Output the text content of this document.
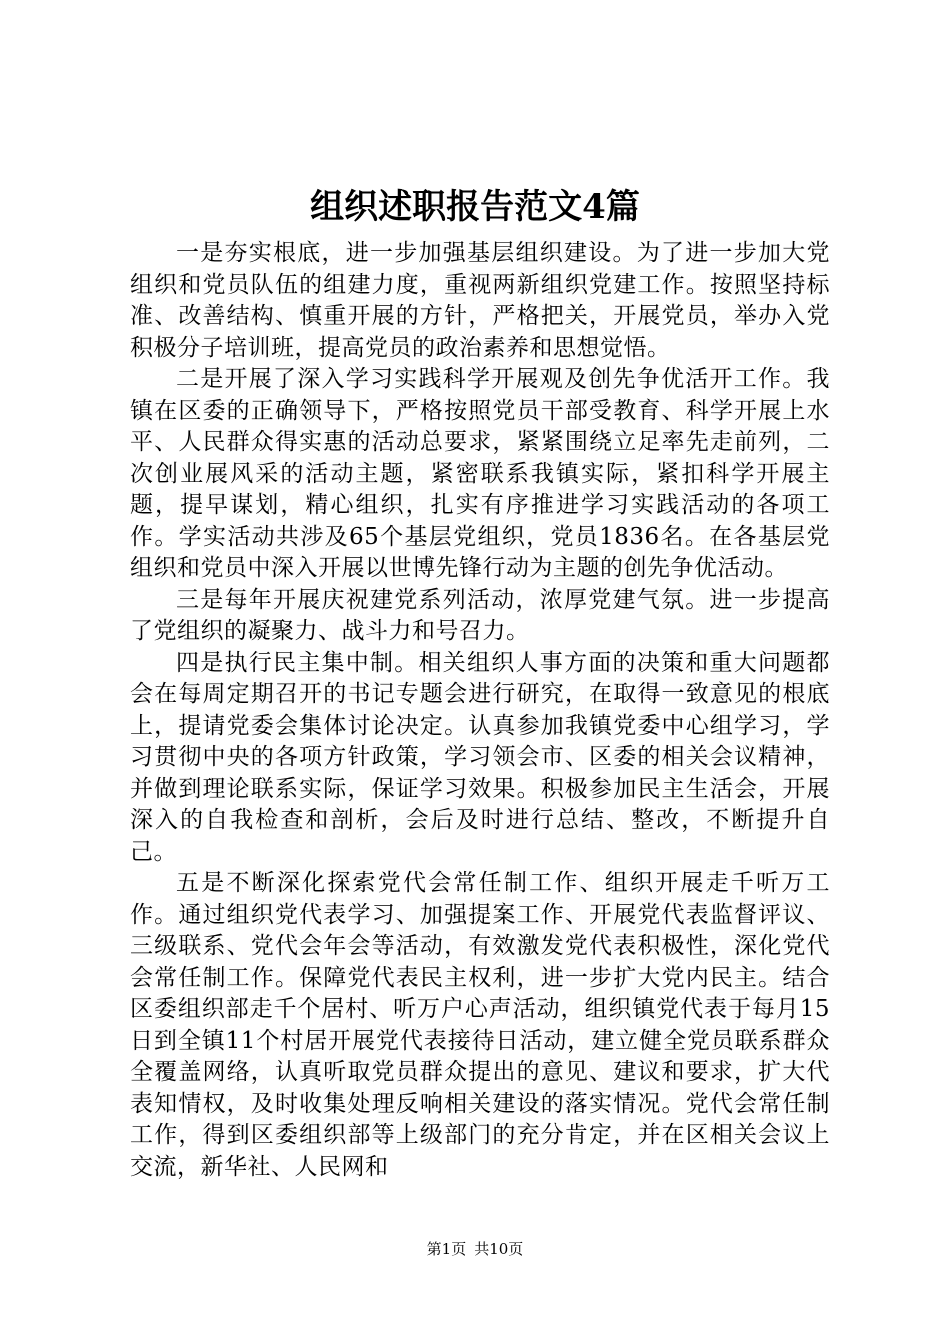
组织述职报告范文4篇

一是夯实根底，进一步加强基层组织建设。为了进一步加大党组织和党员队伍的组建力度，重视两新组织党建工作。按照坚持标准、改善结构、慎重开展的方针，严格把关，开展党员，举办入党积极分子培训班，提高党员的政治素养和思想觉悟。

二是开展了深入学习实践科学开展观及创先争优活开工作。我镇在区委的正确领导下，严格按照党员干部受教育、科学开展上水平、人民群众得实惠的活动总要求，紧紧围绕立足率先走前列，二次创业展风采的活动主题，紧密联系我镇实际，紧扣科学开展主题，提早谋划，精心组织，扎实有序推进学习实践活动的各项工作。学实活动共涉及65个基层党组织，党员1836名。在各基层党组织和党员中深入开展以世博先锋行动为主题的创先争优活动。

三是每年开展庆祝建党系列活动，浓厚党建气氛。进一步提高了党组织的凝聚力、战斗力和号召力。

四是执行民主集中制。相关组织人事方面的决策和重大问题都会在每周定期召开的书记专题会进行研究，在取得一致意见的根底上，提请党委会集体讨论决定。认真参加我镇党委中心组学习，学习贯彻中央的各项方针政策，学习领会市、区委的相关会议精神，并做到理论联系实际，保证学习效果。积极参加民主生活会，开展深入的自我检查和剖析，会后及时进行总结、整改，不断提升自己。

五是不断深化探索党代会常任制工作、组织开展走千听万工作。通过组织党代表学习、加强提案工作、开展党代表监督评议、三级联系、党代会年会等活动，有效激发党代表积极性，深化党代会常任制工作。保障党代表民主权利，进一步扩大党内民主。结合区委组织部走千个居村、听万户心声活动，组织镇党代表于每月15日到全镇11个村居开展党代表接待日活动，建立健全党员联系群众全覆盖网络，认真听取党员群众提出的意见、建议和要求，扩大代表知情权，及时收集处理反响相关建设的落实情况。党代会常任制工作，得到区委组织部等上级部门的充分肯定，并在区相关会议上交流，新华社、人民网和

第1页 共10页
